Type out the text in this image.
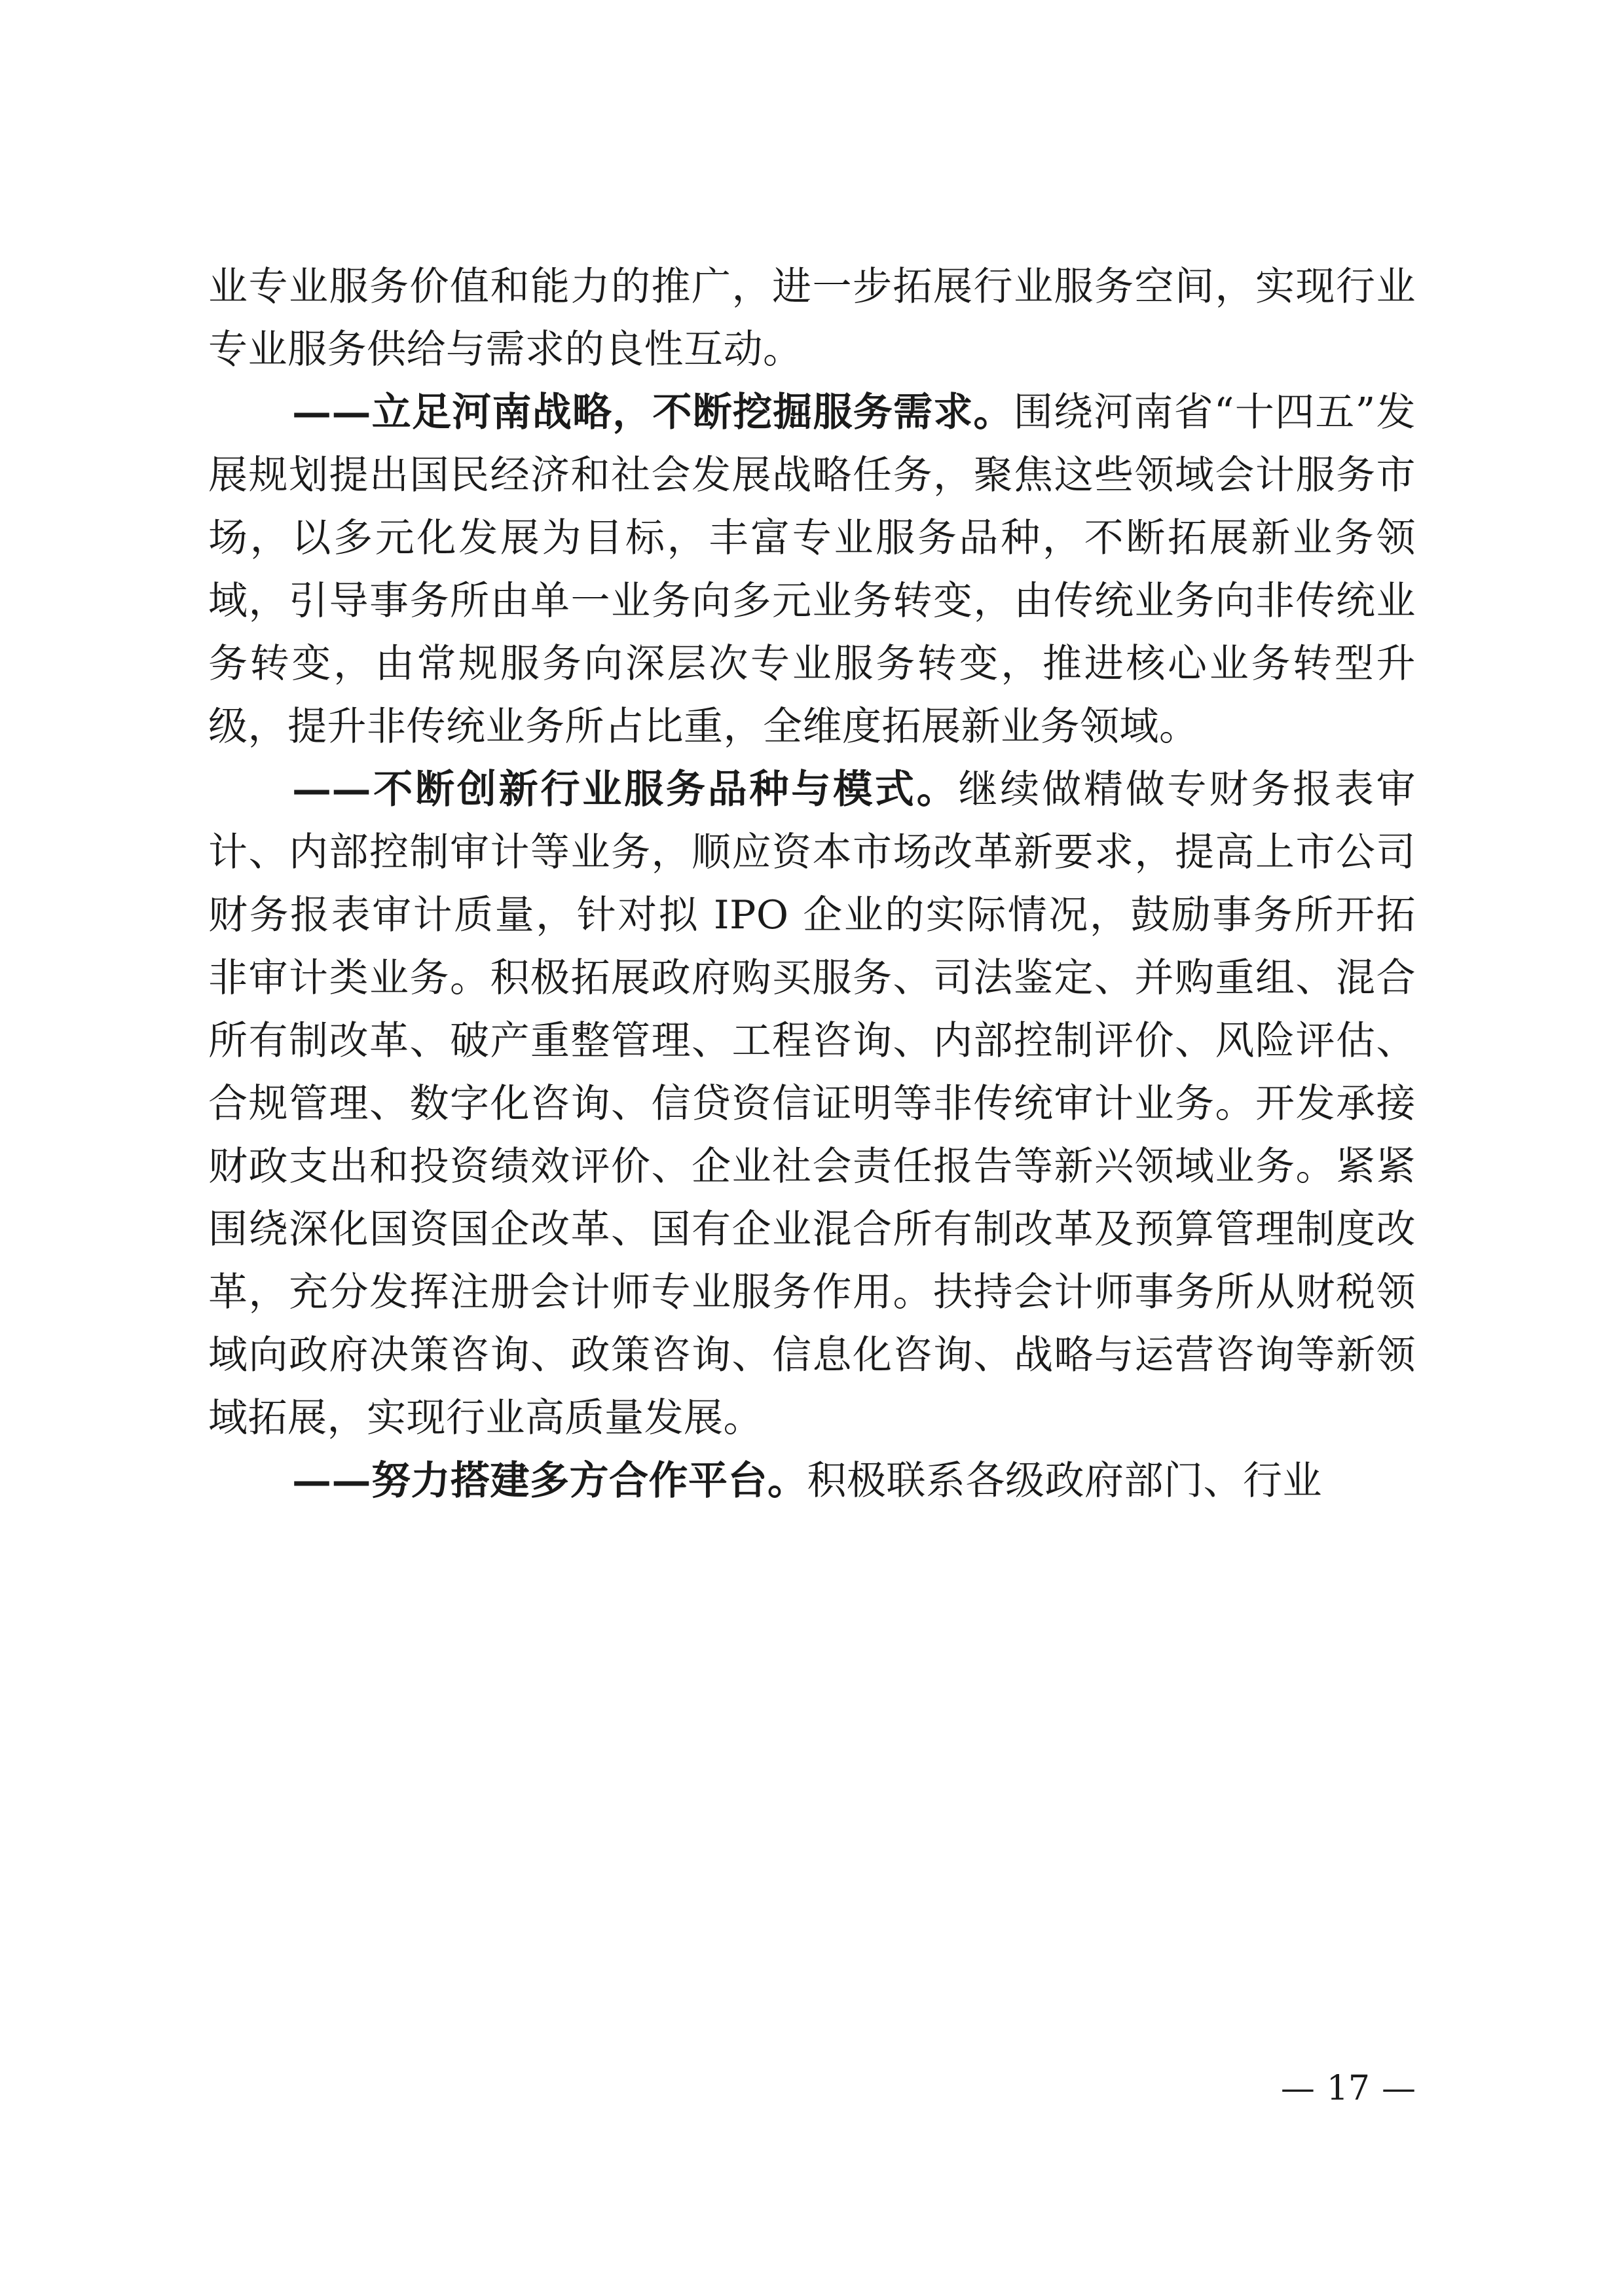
业专业服务价值和能力的推广，进一步拓展行业服务空间，实现行业专业服务供给与需求的良性互动。

——立足河南战略，不断挖掘服务需求。围绕河南省“十四五”发展规划提出国民经济和社会发展战略任务，聚焦这些领域会计服务市场，以多元化发展为目标，丰富专业服务品种，不断拓展新业务领域，引导事务所由单一业务向多元业务转变，由传统业务向非传统业务转变，由常规服务向深层次专业服务转变，推进核心业务转型升级，提升非传统业务所占比重，全维度拓展新业务领域。

——不断创新行业服务品种与模式。继续做精做专财务报表审计、内部控制审计等业务，顺应资本市场改革新要求，提高上市公司财务报表审计质量，针对拟 IPO 企业的实际情况，鼓励事务所开拓非审计类业务。积极拓展政府购买服务、司法鉴定、并购重组、混合所有制改革、破产重整管理、工程咨询、内部控制评价、风险评估、合规管理、数字化咨询、信贷资信证明等非传统审计业务。开发承接财政支出和投资绩效评价、企业社会责任报告等新兴领域业务。紧紧围绕深化国资国企改革、国有企业混合所有制改革及预算管理制度改革，充分发挥注册会计师专业服务作用。扶持会计师事务所从财税领域向政府决策咨询、政策咨询、信息化咨询、战略与运营咨询等新领域拓展，实现行业高质量发展。

——努力搭建多方合作平台。积极联系各级政府部门、行业

— 17 —
